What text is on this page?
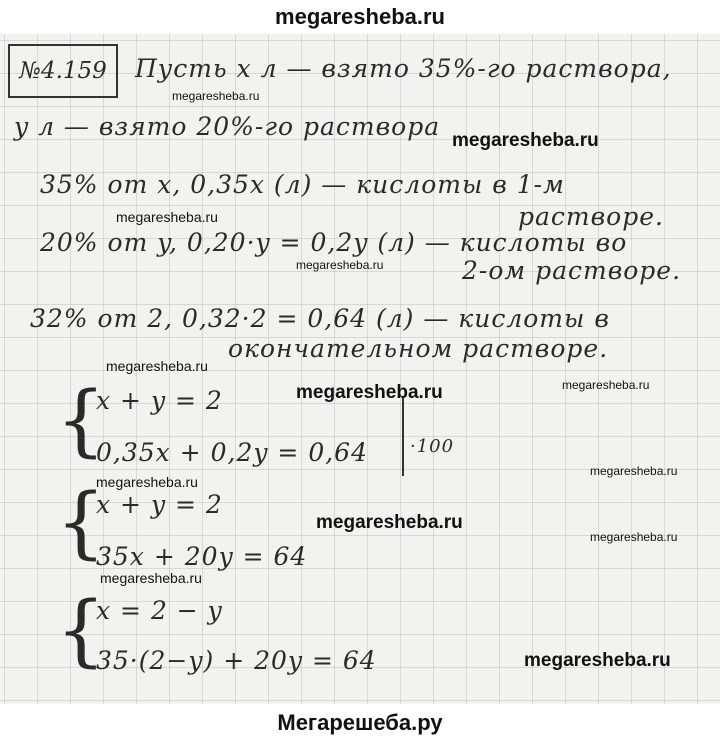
megaresheba.ru
№4.159 Пусть x л — взято 35%-го раствора,
y л — взято 20%-го раствора
35% от x, 0,35x (л) — кислоты в 1-м
растворе.
20% от y, 0,20·y = 0,2y (л) — кислоты во
2-ом растворе.
32% от 2, 0,32·2 = 0,64 (л) — кислоты в
окончательном растворе.
{
x + y = 2
0,35x + 0,2y = 0,64 ·100
{
x + y = 2
35x + 20y = 64
{
x = 2 − y
35·(2−y) + 20y = 64
megaresheba.ru
megaresheba.ru
megaresheba.ru
megaresheba.ru
megaresheba.ru
megaresheba.ru	megaresheba.ru
megaresheba.ru
megaresheba.ru
megaresheba.ru
megaresheba.ru
megaresheba.ru
megaresheba.ru
Мегарешеба.ру
